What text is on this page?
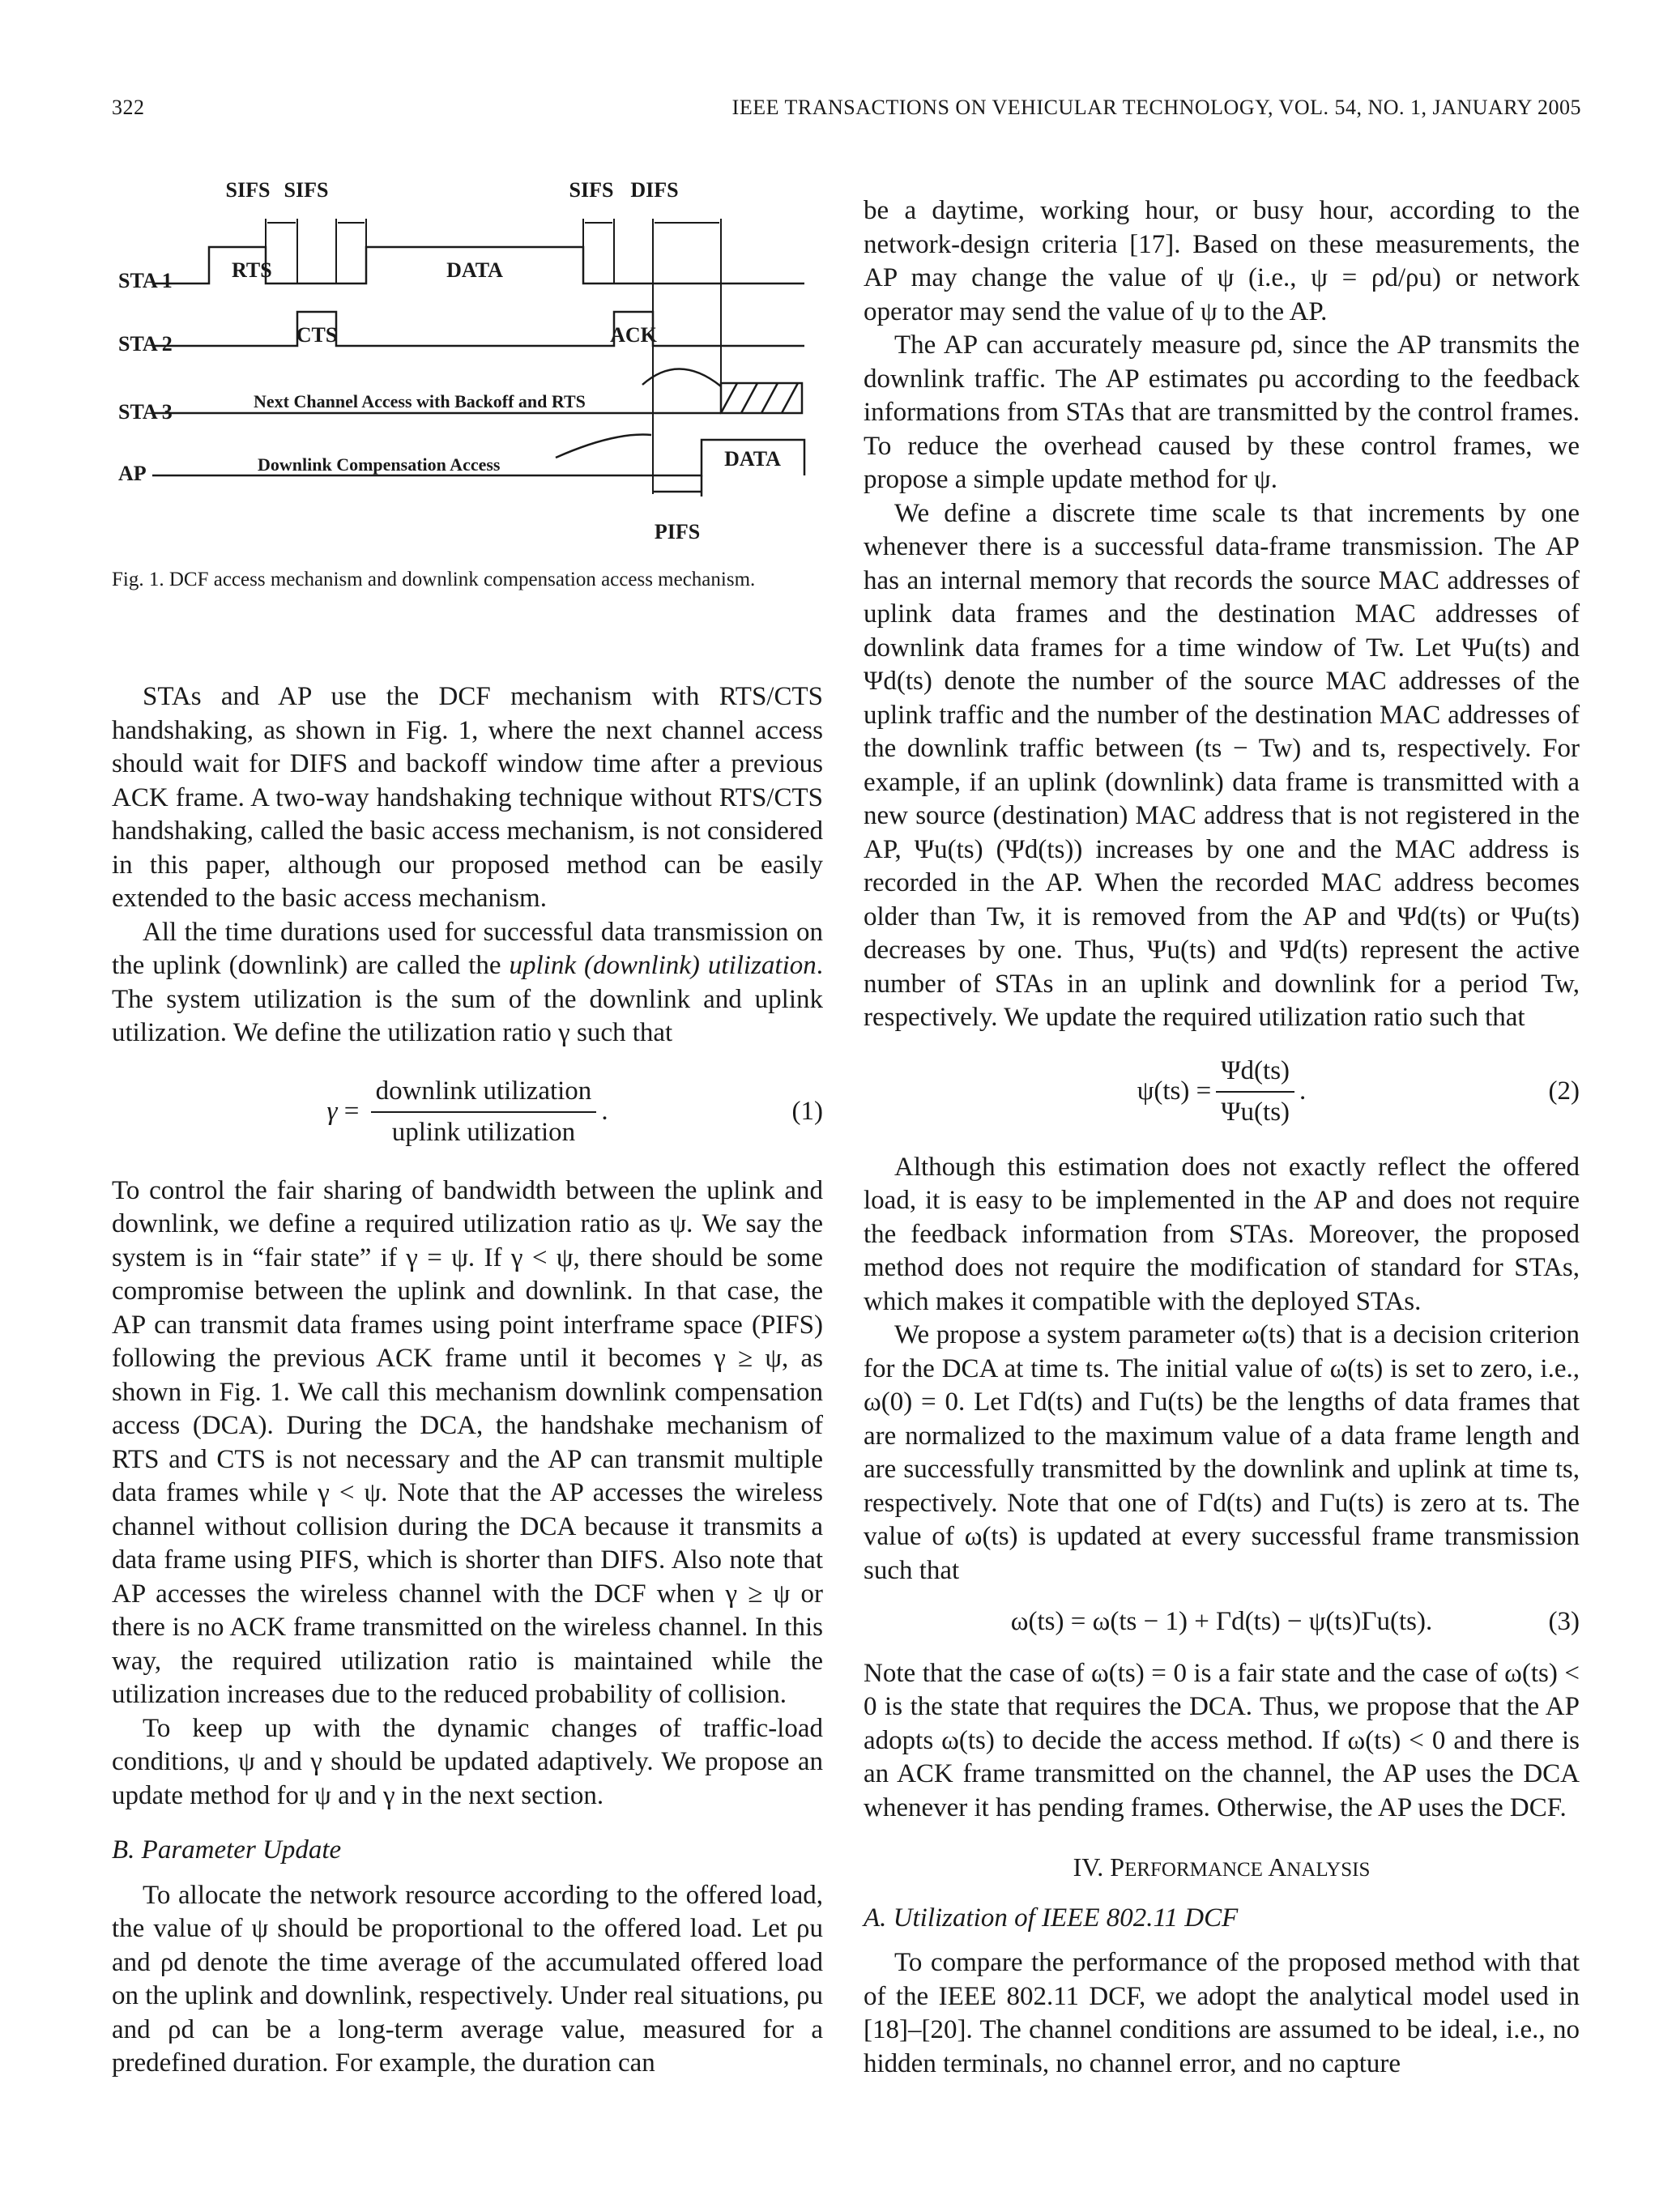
322	IEEE TRANSACTIONS ON VEHICULAR TECHNOLOGY, VOL. 54, NO. 1, JANUARY 2005
SIFS SIFS	SIFS DIFS
STA 1
STA 2
STA 3
AP
RTS	DATA
CTS	ACK
DATA
Next Channel Access with Backoff and RTS
Downlink Compensation Access
PIFS
Fig. 1. DCF access mechanism and downlink compensation access mechanism.

STAs and AP use the DCF mechanism with RTS/CTS handshaking, as shown in Fig. 1, where the next channel access should wait for DIFS and backoff window time after a previous ACK frame. A two-way handshaking technique without RTS/CTS handshaking, called the basic access mechanism, is not considered in this paper, although our proposed method can be easily extended to the basic access mechanism.

All the time durations used for successful data transmission on the uplink (downlink) are called the uplink (downlink) utilization. The system utilization is the sum of the downlink and uplink utilization. We define the utilization ratio γ such that

$\gamma = \frac{\text{downlink utilization}}{\text{uplink utilization}}$ .	(1)

To control the fair sharing of bandwidth between the uplink and downlink, we define a required utilization ratio as ψ. We say the system is in “fair state” if γ = ψ. If γ < ψ, there should be some compromise between the uplink and downlink. In that case, the AP can transmit data frames using point interframe space (PIFS) following the previous ACK frame until it becomes γ ≥ ψ, as shown in Fig. 1. We call this mechanism downlink compensation access (DCA). During the DCA, the handshake mechanism of RTS and CTS is not necessary and the AP can transmit multiple data frames while γ < ψ. Note that the AP accesses the wireless channel without collision during the DCA because it transmits a data frame using PIFS, which is shorter than DIFS. Also note that AP accesses the wireless channel with the DCF when γ ≥ ψ or there is no ACK frame transmitted on the wireless channel. In this way, the required utilization ratio is maintained while the utilization increases due to the reduced probability of collision.

To keep up with the dynamic changes of traffic-load conditions, ψ and γ should be updated adaptively. We propose an update method for ψ and γ in the next section.

B. Parameter Update

To allocate the network resource according to the offered load, the value of ψ should be proportional to the offered load. Let ρu and ρd denote the time average of the accumulated offered load on the uplink and downlink, respectively. Under real situations, ρu and ρd can be a long-term average value, measured for a predefined duration. For example, the duration can

be a daytime, working hour, or busy hour, according to the network-design criteria [17]. Based on these measurements, the AP may change the value of ψ (i.e., ψ = ρd/ρu) or network operator may send the value of ψ to the AP.

The AP can accurately measure ρd, since the AP transmits the downlink traffic. The AP estimates ρu according to the feedback informations from STAs that are transmitted by the control frames. To reduce the overhead caused by these control frames, we propose a simple update method for ψ.

We define a discrete time scale ts that increments by one whenever there is a successful data-frame transmission. The AP has an internal memory that records the source MAC addresses of uplink data frames and the destination MAC addresses of downlink data frames for a time window of Tw. Let Ψu(ts) and Ψd(ts) denote the number of the source MAC addresses of the uplink traffic and the number of the destination MAC addresses of the downlink traffic between (ts − Tw) and ts, respectively. For example, if an uplink (downlink) data frame is transmitted with a new source (destination) MAC address that is not registered in the AP, Ψu(ts) (Ψd(ts)) increases by one and the MAC address is recorded in the AP. When the recorded MAC address becomes older than Tw, it is removed from the AP and Ψd(ts) or Ψu(ts) decreases by one. Thus, Ψu(ts) and Ψd(ts) represent the active number of STAs in an uplink and downlink for a period Tw, respectively. We update the required utilization ratio such that

$\psi(ts) = \frac{\Psi d(ts)}{\Psi u(ts)}$ .	(2)

Although this estimation does not exactly reflect the offered load, it is easy to be implemented in the AP and does not require the feedback information from STAs. Moreover, the proposed method does not require the modification of standard for STAs, which makes it compatible with the deployed STAs.

We propose a system parameter ω(ts) that is a decision criterion for the DCA at time ts. The initial value of ω(ts) is set to zero, i.e., ω(0) = 0. Let Γd(ts) and Γu(ts) be the lengths of data frames that are normalized to the maximum value of a data frame length and are successfully transmitted by the downlink and uplink at time ts, respectively. Note that one of Γd(ts) and Γu(ts) is zero at ts. The value of ω(ts) is updated at every successful frame transmission such that

ω(ts) = ω(ts − 1) + Γd(ts) − ψ(ts)Γu(ts).	(3)

Note that the case of ω(ts) = 0 is a fair state and the case of ω(ts) < 0 is the state that requires the DCA. Thus, we propose that the AP adopts ω(ts) to decide the access method. If ω(ts) < 0 and there is an ACK frame transmitted on the channel, the AP uses the DCA whenever it has pending frames. Otherwise, the AP uses the DCF.

IV. PERFORMANCE ANALYSIS
A. Utilization of IEEE 802.11 DCF

To compare the performance of the proposed method with that of the IEEE 802.11 DCF, we adopt the analytical model used in [18]–[20]. The channel conditions are assumed to be ideal, i.e., no hidden terminals, no channel error, and no capture
